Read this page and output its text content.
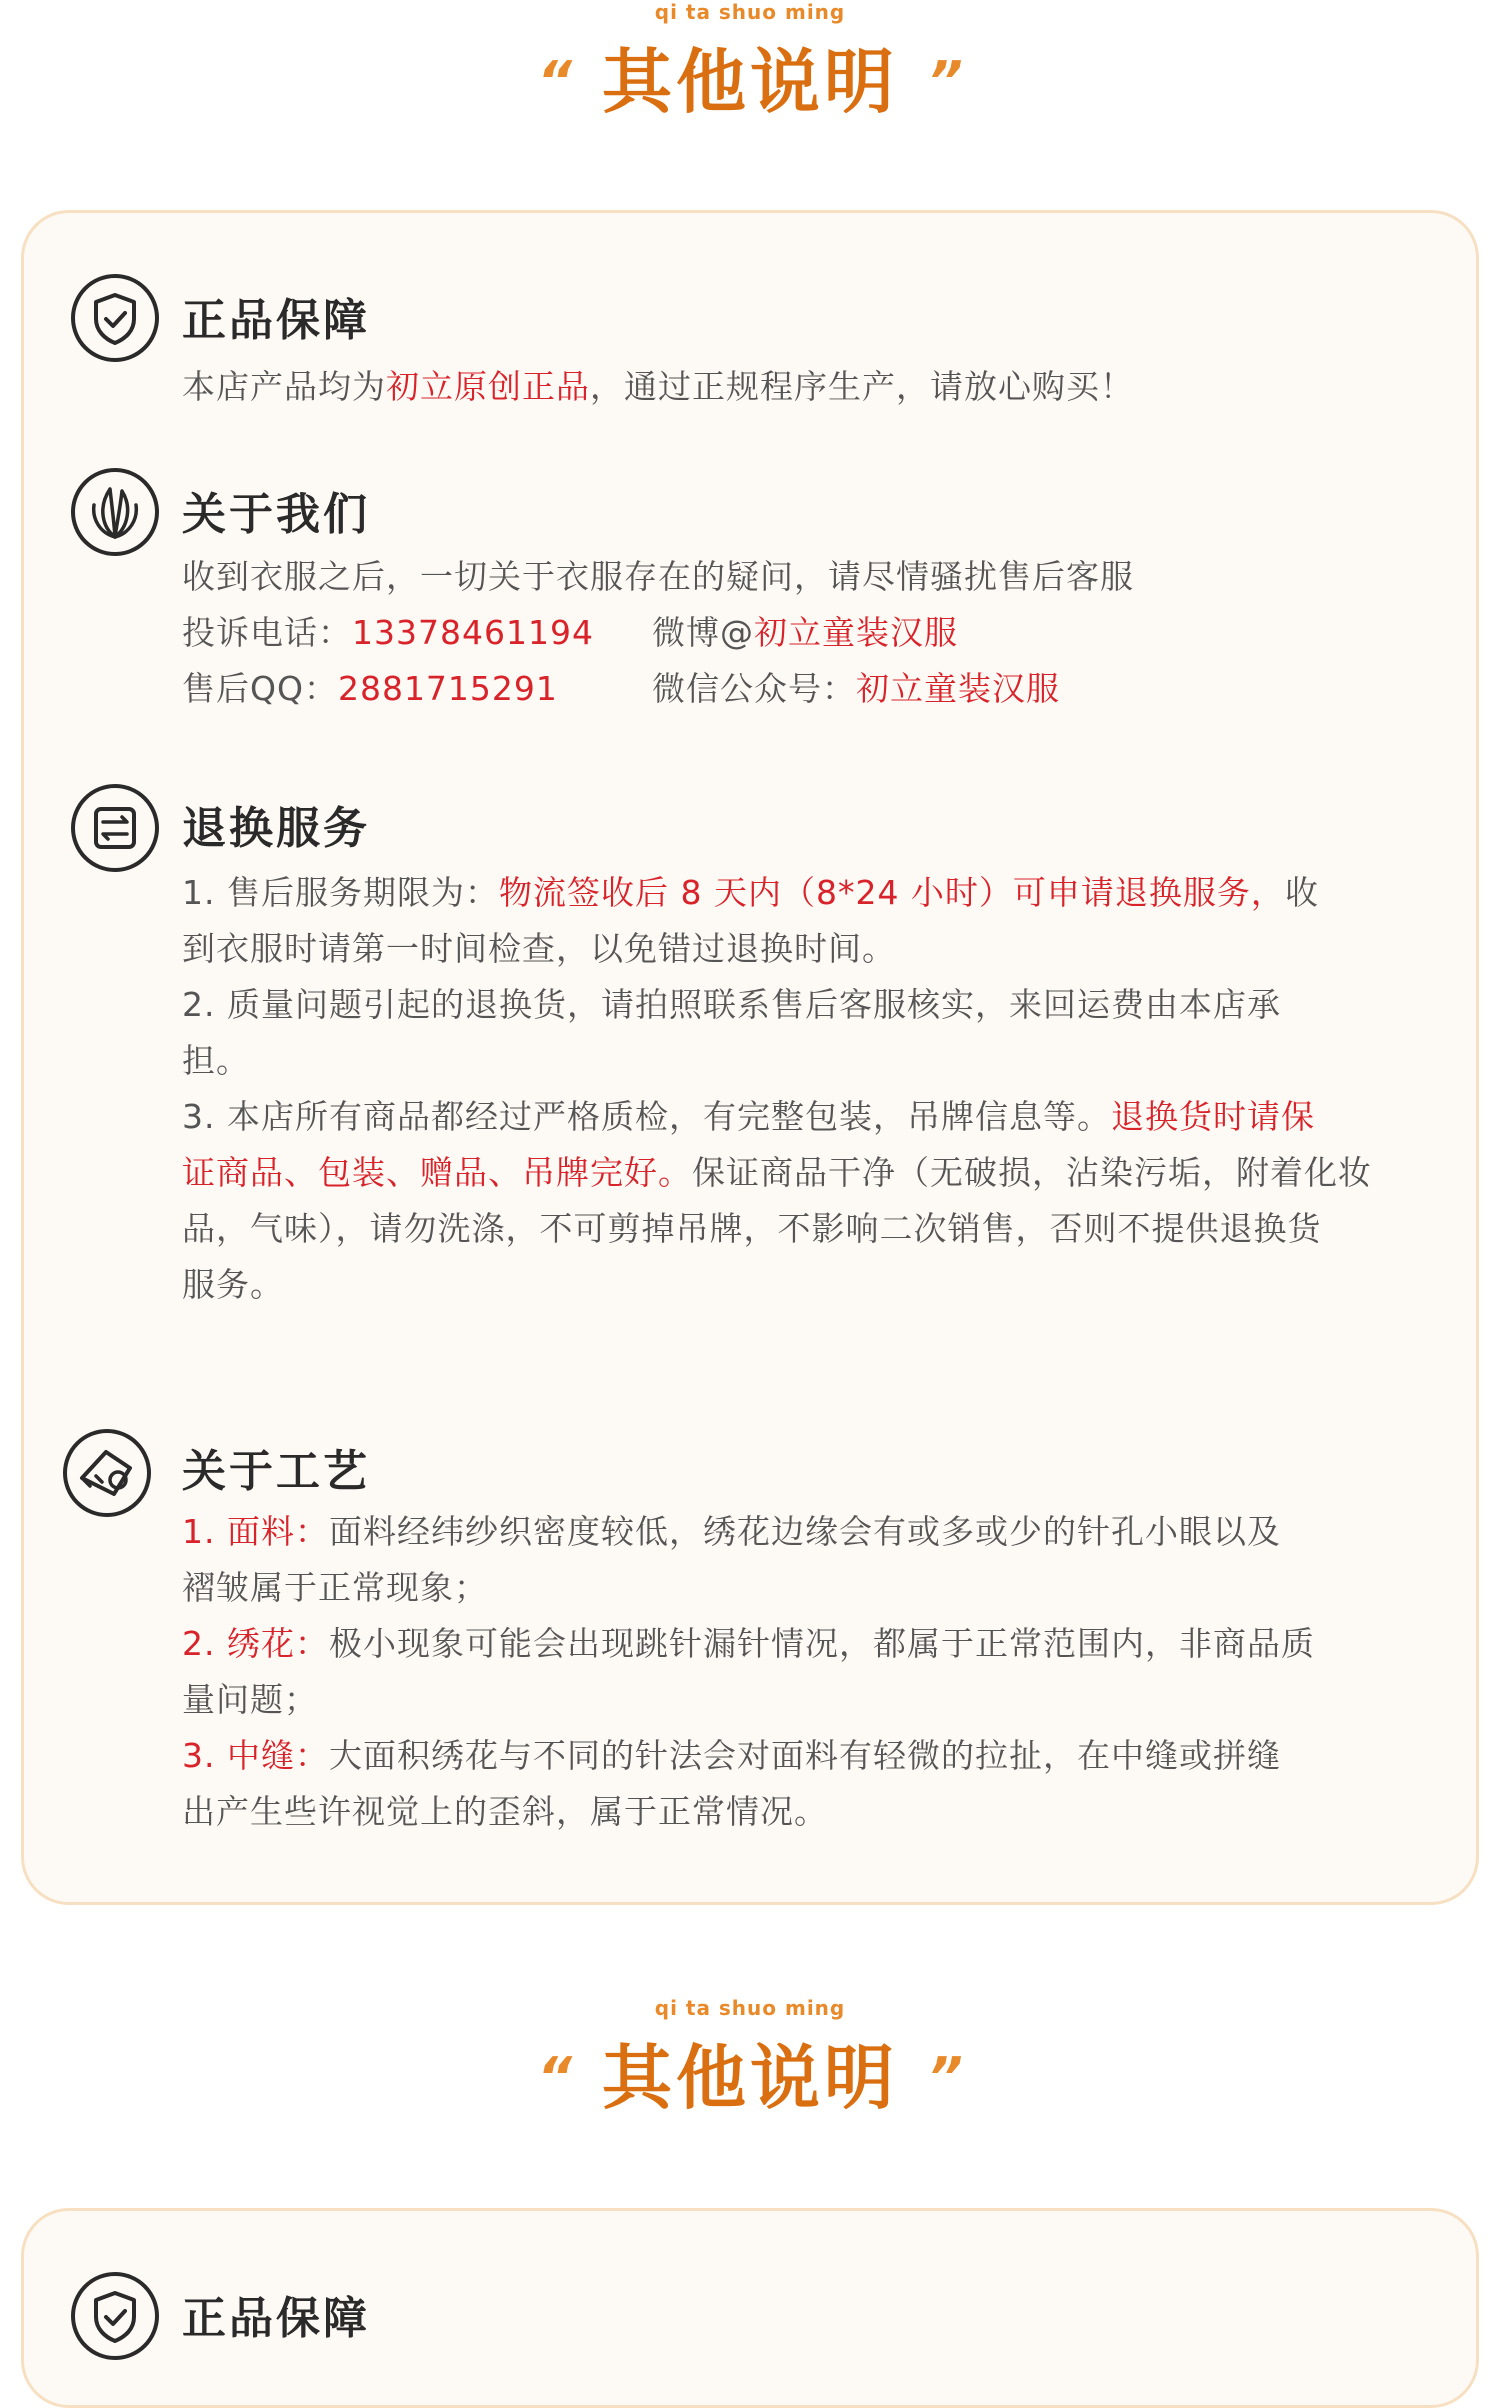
qi ta shuo ming
“ 其他说明 ”
正品保障
本店产品均为初立原创正品，通过正规程序生产，请放心购买！
关于我们
收到衣服之后，一切关于衣服存在的疑问，请尽情骚扰售后客服
投诉电话：13378461194 微博@初立童装汉服
售后QQ：2881715291	微信公众号：初立童装汉服
退换服务
1. 售后服务期限为：物流签收后 8 天内（8*24 小时）可申请退换服务，收
到衣服时请第一时间检查，以免错过退换时间。
2. 质量问题引起的退换货，请拍照联系售后客服核实，来回运费由本店承
担。
3. 本店所有商品都经过严格质检，有完整包装，吊牌信息等。退换货时请保
证商品、包装、赠品、吊牌完好。保证商品干净（无破损，沾染污垢，附着化妆
品，气味），请勿洗涤，不可剪掉吊牌，不影响二次销售，否则不提供退换货
服务。
关于工艺
1. 面料：面料经纬纱织密度较低，绣花边缘会有或多或少的针孔小眼以及
褶皱属于正常现象；
2. 绣花：极小现象可能会出现跳针漏针情况，都属于正常范围内，非商品质
量问题；
3. 中缝：大面积绣花与不同的针法会对面料有轻微的拉扯，在中缝或拼缝
出产生些许视觉上的歪斜，属于正常情况。
qi ta shuo ming
“ 其他说明 ”
正品保障
